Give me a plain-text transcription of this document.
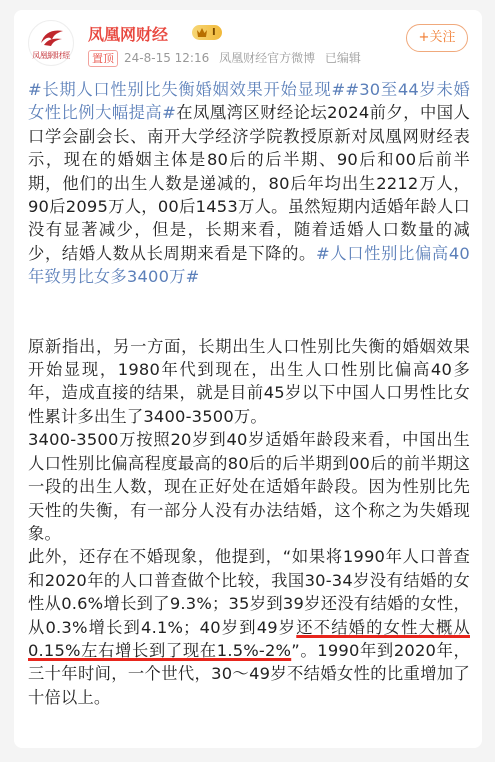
凤凰網財經
凤凰网财经	I
置顶 24-8-15 12:16 凤凰财经官方微博 已编辑
+关注

#长期人口性别比失衡婚姻效果开始显现##30至44岁未婚女性比例大幅提高#在凤凰湾区财经论坛2024前夕，中国人口学会副会长、南开大学经济学院教授原新对凤凰网财经表示，现在的婚姻主体是80后的后半期、90后和00后前半期，他们的出生人数是递减的，80后年均出生2212万人，90后2095万人，00后1453万人。虽然短期内适婚年龄人口没有显著减少，但是，长期来看，随着适婚人口数量的减少，结婚人数从长周期来看是下降的。#人口性别比偏高40年致男比女多3400万#

原新指出，另一方面，长期出生人口性别比失衡的婚姻效果开始显现，1980年代到现在，出生人口性别比偏高40多年，造成直接的结果，就是目前45岁以下中国人口男性比女性累计多出生了3400-3500万。

3400-3500万按照20岁到40岁适婚年龄段来看，中国出生人口性别比偏高程度最高的80后的后半期到00后的前半期这一段的出生人数，现在正好处在适婚年龄段。因为性别比先天性的失衡，有一部分人没有办法结婚，这个称之为失婚现象。

此外，还存在不婚现象，他提到，“如果将1990年人口普查和2020年的人口普查做个比较，我国30-34岁没有结婚的女性从0.6%增长到了9.3%；35岁到39岁还没有结婚的女性，从0.3%增长到4.1%；40岁到49岁还不结婚的女性大概从0.15%左右增长到了现在1.5%-2%”。1990年到2020年，三十年时间，一个世代，30～49岁不结婚女性的比重增加了十倍以上。
